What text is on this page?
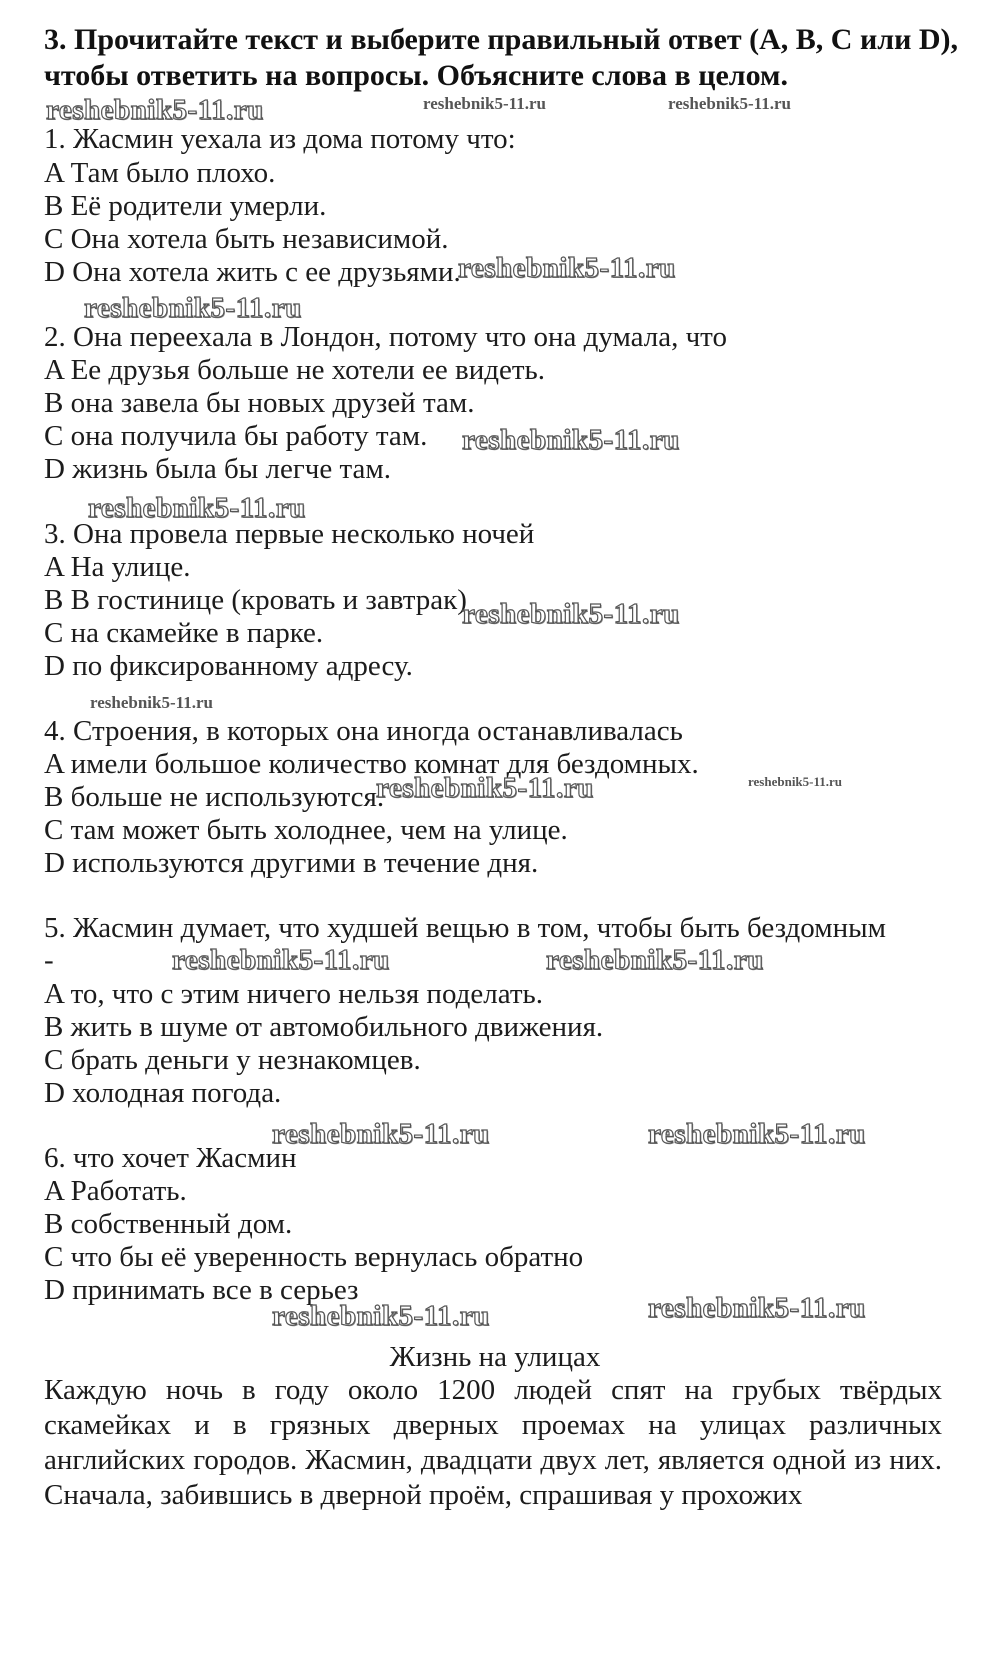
3. Прочитайте текст и выберите правильный ответ (A, B, C или D), чтобы ответить на вопросы. Объясните слова в целом.
reshebnik5-11.ru	reshebnik5-11.ru	reshebnik5-11.ru
1. Жасмин уехала из дома потому что:
A Там было плохо.
B Её родители умерли.
C Она хотела быть независимой.
D Она хотела жить с ее друзьями.
reshebnik5-11.ru
reshebnik5-11.ru
2. Она переехала в Лондон, потому что она думала, что
A Ее друзья больше не хотели ее видеть.
B она завела бы новых друзей там.
C она получила бы работу там. reshebnik5-11.ru
D жизнь была бы легче там.
reshebnik5-11.ru
3. Она провела первые несколько ночей
A На улице.
B В гостинице (кровать и завтрак)
reshebnik5-11.ru
C на скамейке в парке.
D по фиксированному адресу.
reshebnik5-11.ru
4. Строения, в которых она иногда останавливалась
A имели большое количество комнат для бездомных.
B больше не используются.
reshebnik5-11.ru	reshebnik5-11.ru
C там может быть холоднее, чем на улице.
D используются другими в течение дня.
5. Жасмин думает, что худшей вещью в том, чтобы быть бездомным
-	reshebnik5-11.ru	reshebnik5-11.ru
A то, что с этим ничего нельзя поделать.
B жить в шуме от автомобильного движения.
C брать деньги у незнакомцев.
D холодная погода.
reshebnik5-11.ru	reshebnik5-11.ru
6. что хочет Жасмин
A Работать.
B собственный дом.
C что бы её уверенность вернулась обратно
D принимать все в серьез
reshebnik5-11.ru	reshebnik5-11.ru
Жизнь на улицах
Каждую ночь в году около 1200 людей спят на грубых твёрдых скамейках и в грязных дверных проемах на улицах различных английских городов. Жасмин, двадцати двух лет, является одной из них. Сначала, забившись в дверной проём, спрашивая у прохожих
